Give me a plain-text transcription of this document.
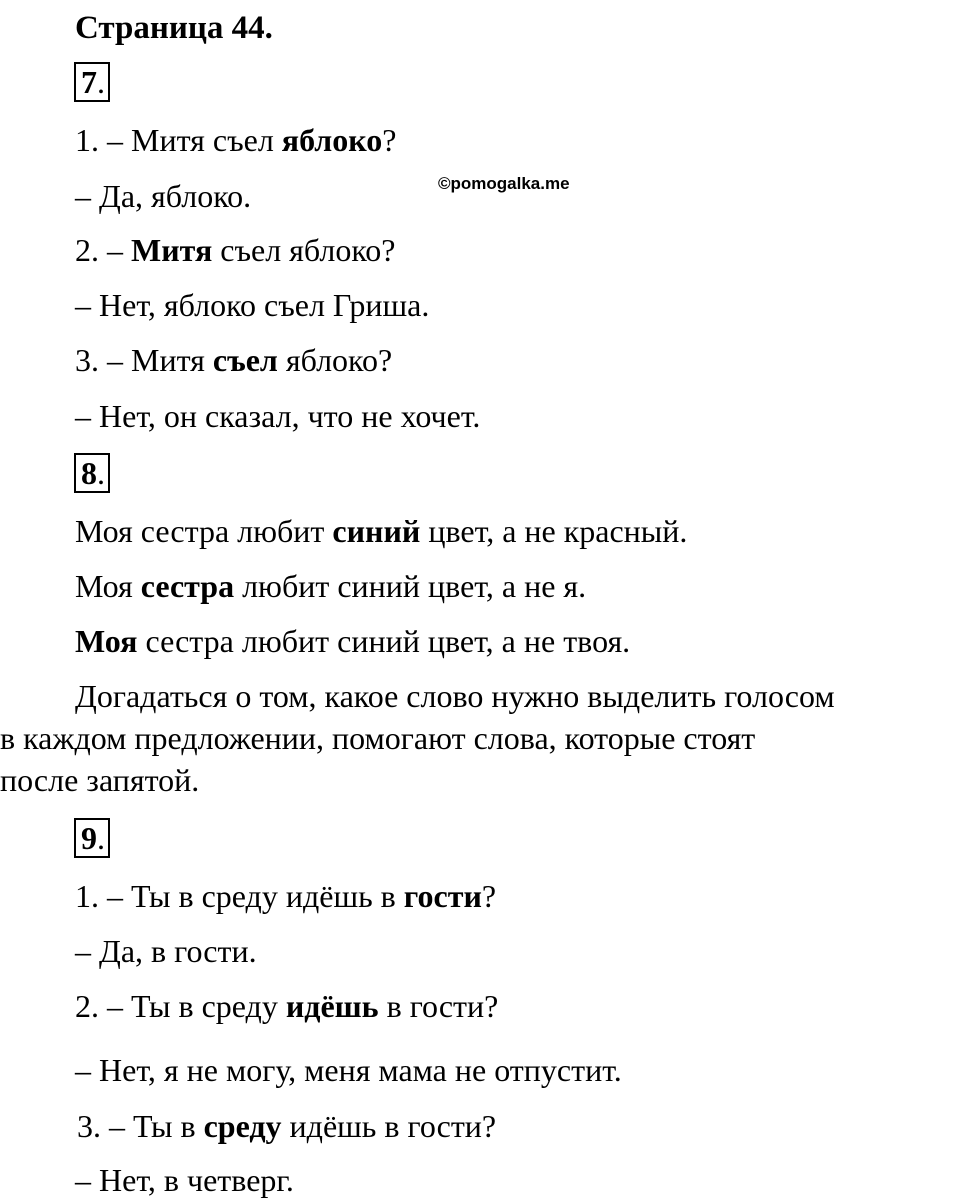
Страница 44.
©pomogalka.me
7 .
1. – Митя съел яблоко?
– Да, яблоко.
2. – Митя съел яблоко?
– Нет, яблоко съел Гриша.
3. – Митя съел яблоко?
– Нет, он сказал, что не хочет.
8 .
Моя сестра любит синий цвет, а не красный.
Моя сестра любит синий цвет, а не я.
Моя сестра любит синий цвет, а не твоя.
Догадаться о том, какое слово нужно выделить голосом
в каждом предложении, помогают слова, которые стоят
после запятой.
9 .
1. – Ты в среду идёшь в гости?
– Да, в гости.
2. – Ты в среду идёшь в гости?
– Нет, я не могу, меня мама не отпустит.
3. – Ты в среду идёшь в гости?
– Нет, в четверг.
